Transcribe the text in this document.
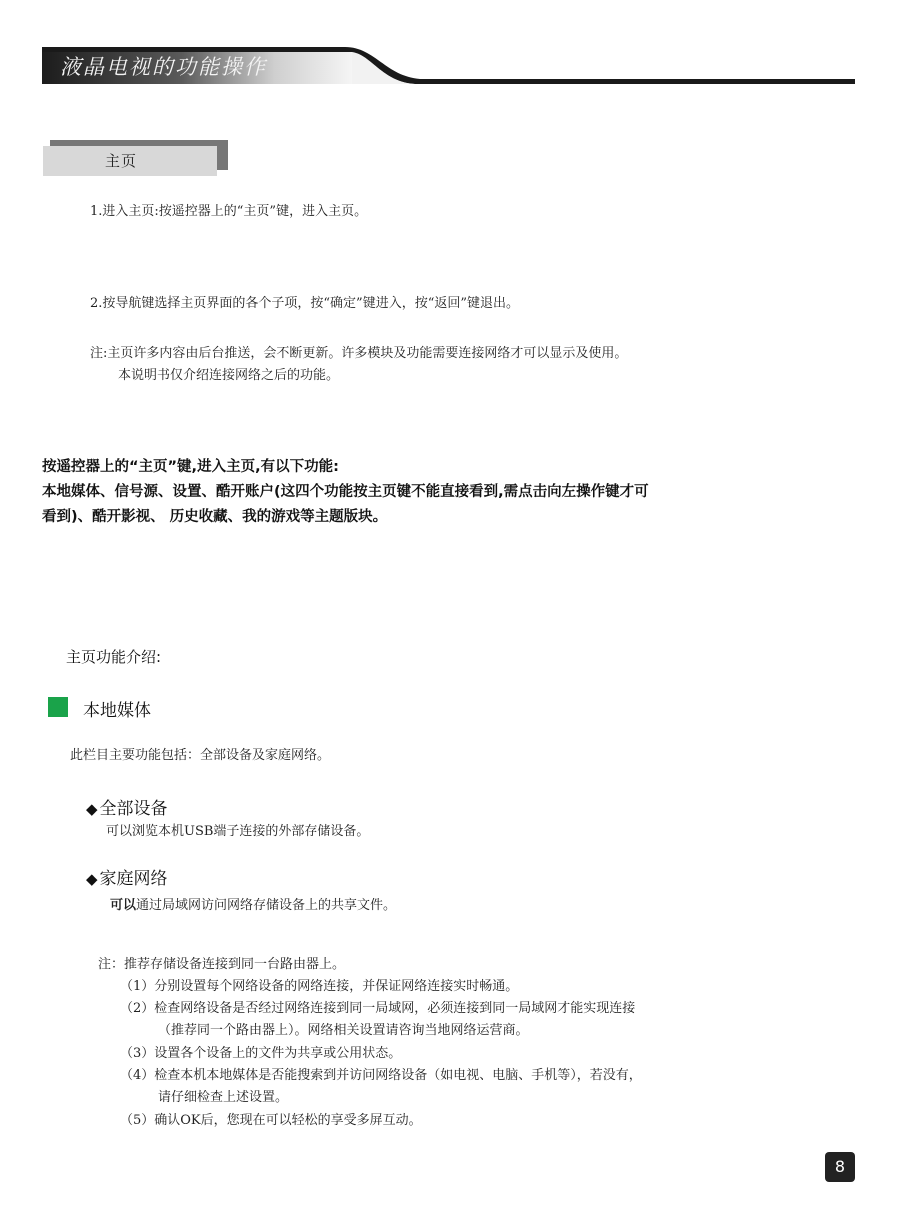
液晶电视的功能操作
主页
1.进入主页:按遥控器上的“主页”键，进入主页。
2.按导航键选择主页界面的各个子项，按“确定”键进入，按“返回”键退出。
注:主页许多内容由后台推送，会不断更新。许多模块及功能需要连接网络才可以显示及使用。
本说明书仅介绍连接网络之后的功能。
按遥控器上的“主页”键,进入主页,有以下功能:
本地媒体、信号源、设置、酷开账户(这四个功能按主页键不能直接看到,需点击向左操作键才可
看到)、酷开影视、 历史收藏、我的游戏等主题版块。
主页功能介绍:
本地媒体
此栏目主要功能包括：全部设备及家庭网络。
◆ 全部设备
可以浏览本机USB端子连接的外部存储设备。
◆ 家庭网络
可以通过局域网访问网络存储设备上的共享文件。
注：推荐存储设备连接到同一台路由器上。
（1）分别设置每个网络设备的网络连接，并保证网络连接实时畅通。
（2）检查网络设备是否经过网络连接到同一局域网，必须连接到同一局域网才能实现连接
（推荐同一个路由器上）。网络相关设置请咨询当地网络运营商。
（3）设置各个设备上的文件为共享或公用状态。
（4）检查本机本地媒体是否能搜索到并访问网络设备（如电视、电脑、手机等），若没有，
请仔细检查上述设置。
（5）确认OK后，您现在可以轻松的享受多屏互动。
8
